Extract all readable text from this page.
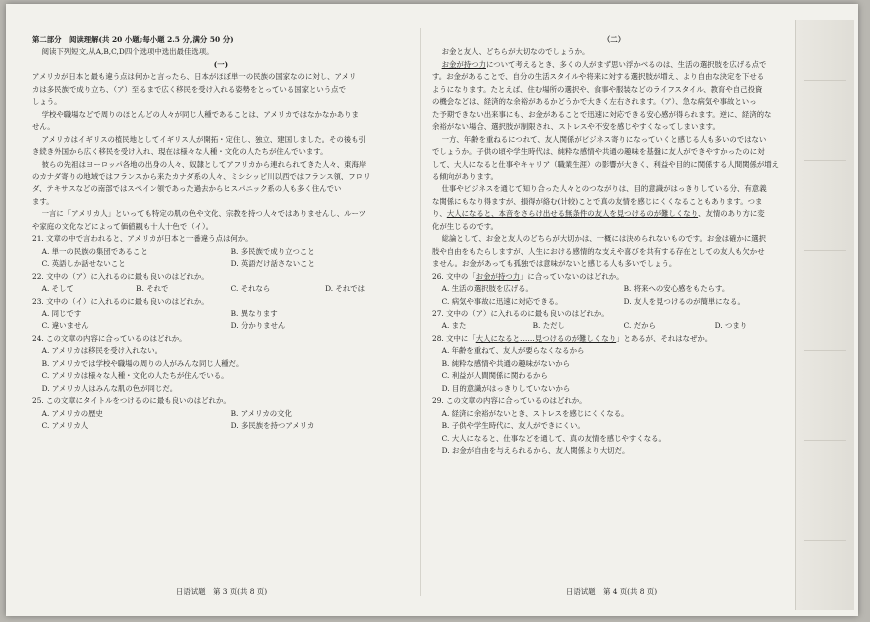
第二部分　阅读理解(共 20 小题;每小题 2.5 分,满分 50 分)

阅读下列短文,从A,B,C,D四个选项中选出最佳选项。

(一)

アメリカが日本と最も違う点は何かと言ったら、日本がほぼ単一の民族の国家なのに対し、アメリ

カは多民族で成り立ち、（ア）至るまで広く移民を受け入れる姿勢をとっている国家という点で

しょう。

学校や職場などで周りのほとんどの人々が同じ人種であることは、アメリカではなかなかありま

せん。

アメリカはイギリスの植民地としてイギリス人が開拓・定住し、独立、建国しました。その後も引

き続き外国から広く移民を受け入れ、現在は様々な人種・文化の人たちが住んでいます。

彼らの先祖はヨーロッパ各地の出身の人々、奴隷としてアフリカから連れられてきた人々、東海岸

のカナダ寄りの地域ではフランスから来たカナダ系の人々、ミシシッピ川以西ではフランス領、フロリ

ダ、テキサスなどの南部ではスペイン領であった過去からヒスパニック系の人も多く住んでい

ます。

一言に「アメリカ人」といっても特定の肌の色や文化、宗教を持つ人々ではありませんし、ルーツ

や家庭の文化などによって価値観も十人十色で（イ）。

21. 文章の中で言われると、アメリカが日本と一番違う点は何か。

A. 単一の民族の集団であること	B. 多民族で成り立つこと
C. 英語しか話せないこと	D. 英語だけ話さないこと

22. 文中の（ア）に入れるのに最も良いのはどれか。

A. そして	B. それで	C. それなら	D. それでは

23. 文中の（イ）に入れるのに最も良いのはどれか。

A. 同じです	B. 異なります
C. 違いません	D. 分かりません

24. この文章の内容に合っているのはどれか。

A. アメリカは移民を受け入れない。

B. アメリカでは学校や職場の周りの人がみんな同じ人種だ。

C. アメリカは様々な人種・文化の人たちが住んでいる。

D. アメリカ人はみんな肌の色が同じだ。

25. この文章にタイトルをつけるのに最も良いのはどれか。

A. アメリカの歴史	B. アメリカの文化
C. アメリカ人	D. 多民族を持つアメリカ
日语试题　第 3 页(共 8 页)

（二）

お金と友人、どちらが大切なのでしょうか。

お金が持つ力について考えるとき、多くの人がまず思い浮かべるのは、生活の選択肢を広げる点で

す。お金があることで、自分の生活スタイルや将来に対する選択肢が増え、より自由な決定を下せる

ようになります。たとえば、住む場所の選択や、食事や服装などのライフスタイル、教育や自己投資

の機会などは、経済的な余裕があるかどうかで大きく左右されます。（ア）、急な病気や事故といっ

た予期できない出来事にも、お金があることで迅速に対応できる安心感が得られます。逆に、経済的な

余裕がない場合、選択肢が制限され、ストレスや不安を感じやすくなってしまいます。

一方、年齢を重ねるにつれて、友人関係がビジネス寄りになっていくと感じる人も多いのではない

でしょうか。子供の頃や学生時代は、純粋な感情や共通の趣味を基盤に友人ができやすかったのに対

して、大人になると仕事やキャリア（職業生涯）の影響が大きく、利益や目的に関係する人間関係が増え

る傾向があります。

仕事やビジネスを通じて知り合った人々とのつながりは、目的意識がはっきりしている分、有意義

な関係にもなり得ますが、損得が絡む(计较)ことで真の友情を感じにくくなることもあります。つま

り、大人になると、本音をさらけ出せる無条件の友人を見つけるのが難しくなり、友情のあり方に変

化が生じるのです。

総論として、お金と友人のどちらが大切かは、一概には決められないものです。お金は確かに選択

肢や自由をもたらしますが、人生における感情的な支えや喜びを共有する存在としての友人も欠かせ

ません。お金があっても孤独では意味がないと感じる人も多いでしょう。

26. 文中の「お金が持つ力」に合っていないのはどれか。

A. 生活の選択肢を広げる。	B. 将来への安心感をもたらす。
C. 病気や事故に迅速に対応できる。	D. 友人を見つけるのが簡単になる。

27. 文中の（ア）に入れるのに最も良いのはどれか。

A. また	B. ただし	C. だから	D. つまり

28. 文中に「大人になると……見つけるのが難しくなり」とあるが、それはなぜか。

A. 年齢を重ねて、友人が要らなくなるから

B. 純粋な感情や共通の趣味がないから

C. 利益が人間関係に関わるから

D. 目的意識がはっきりしていないから

29. この文章の内容に合っているのはどれか。

A. 経済に余裕がないとき、ストレスを感じにくくなる。

B. 子供や学生時代に、友人ができにくい。

C. 大人になると、仕事などを通して、真の友情を感じやすくなる。

D. お金が自由を与えられるから、友人関係より大切だ。

日语试题　第 4 页(共 8 页)
